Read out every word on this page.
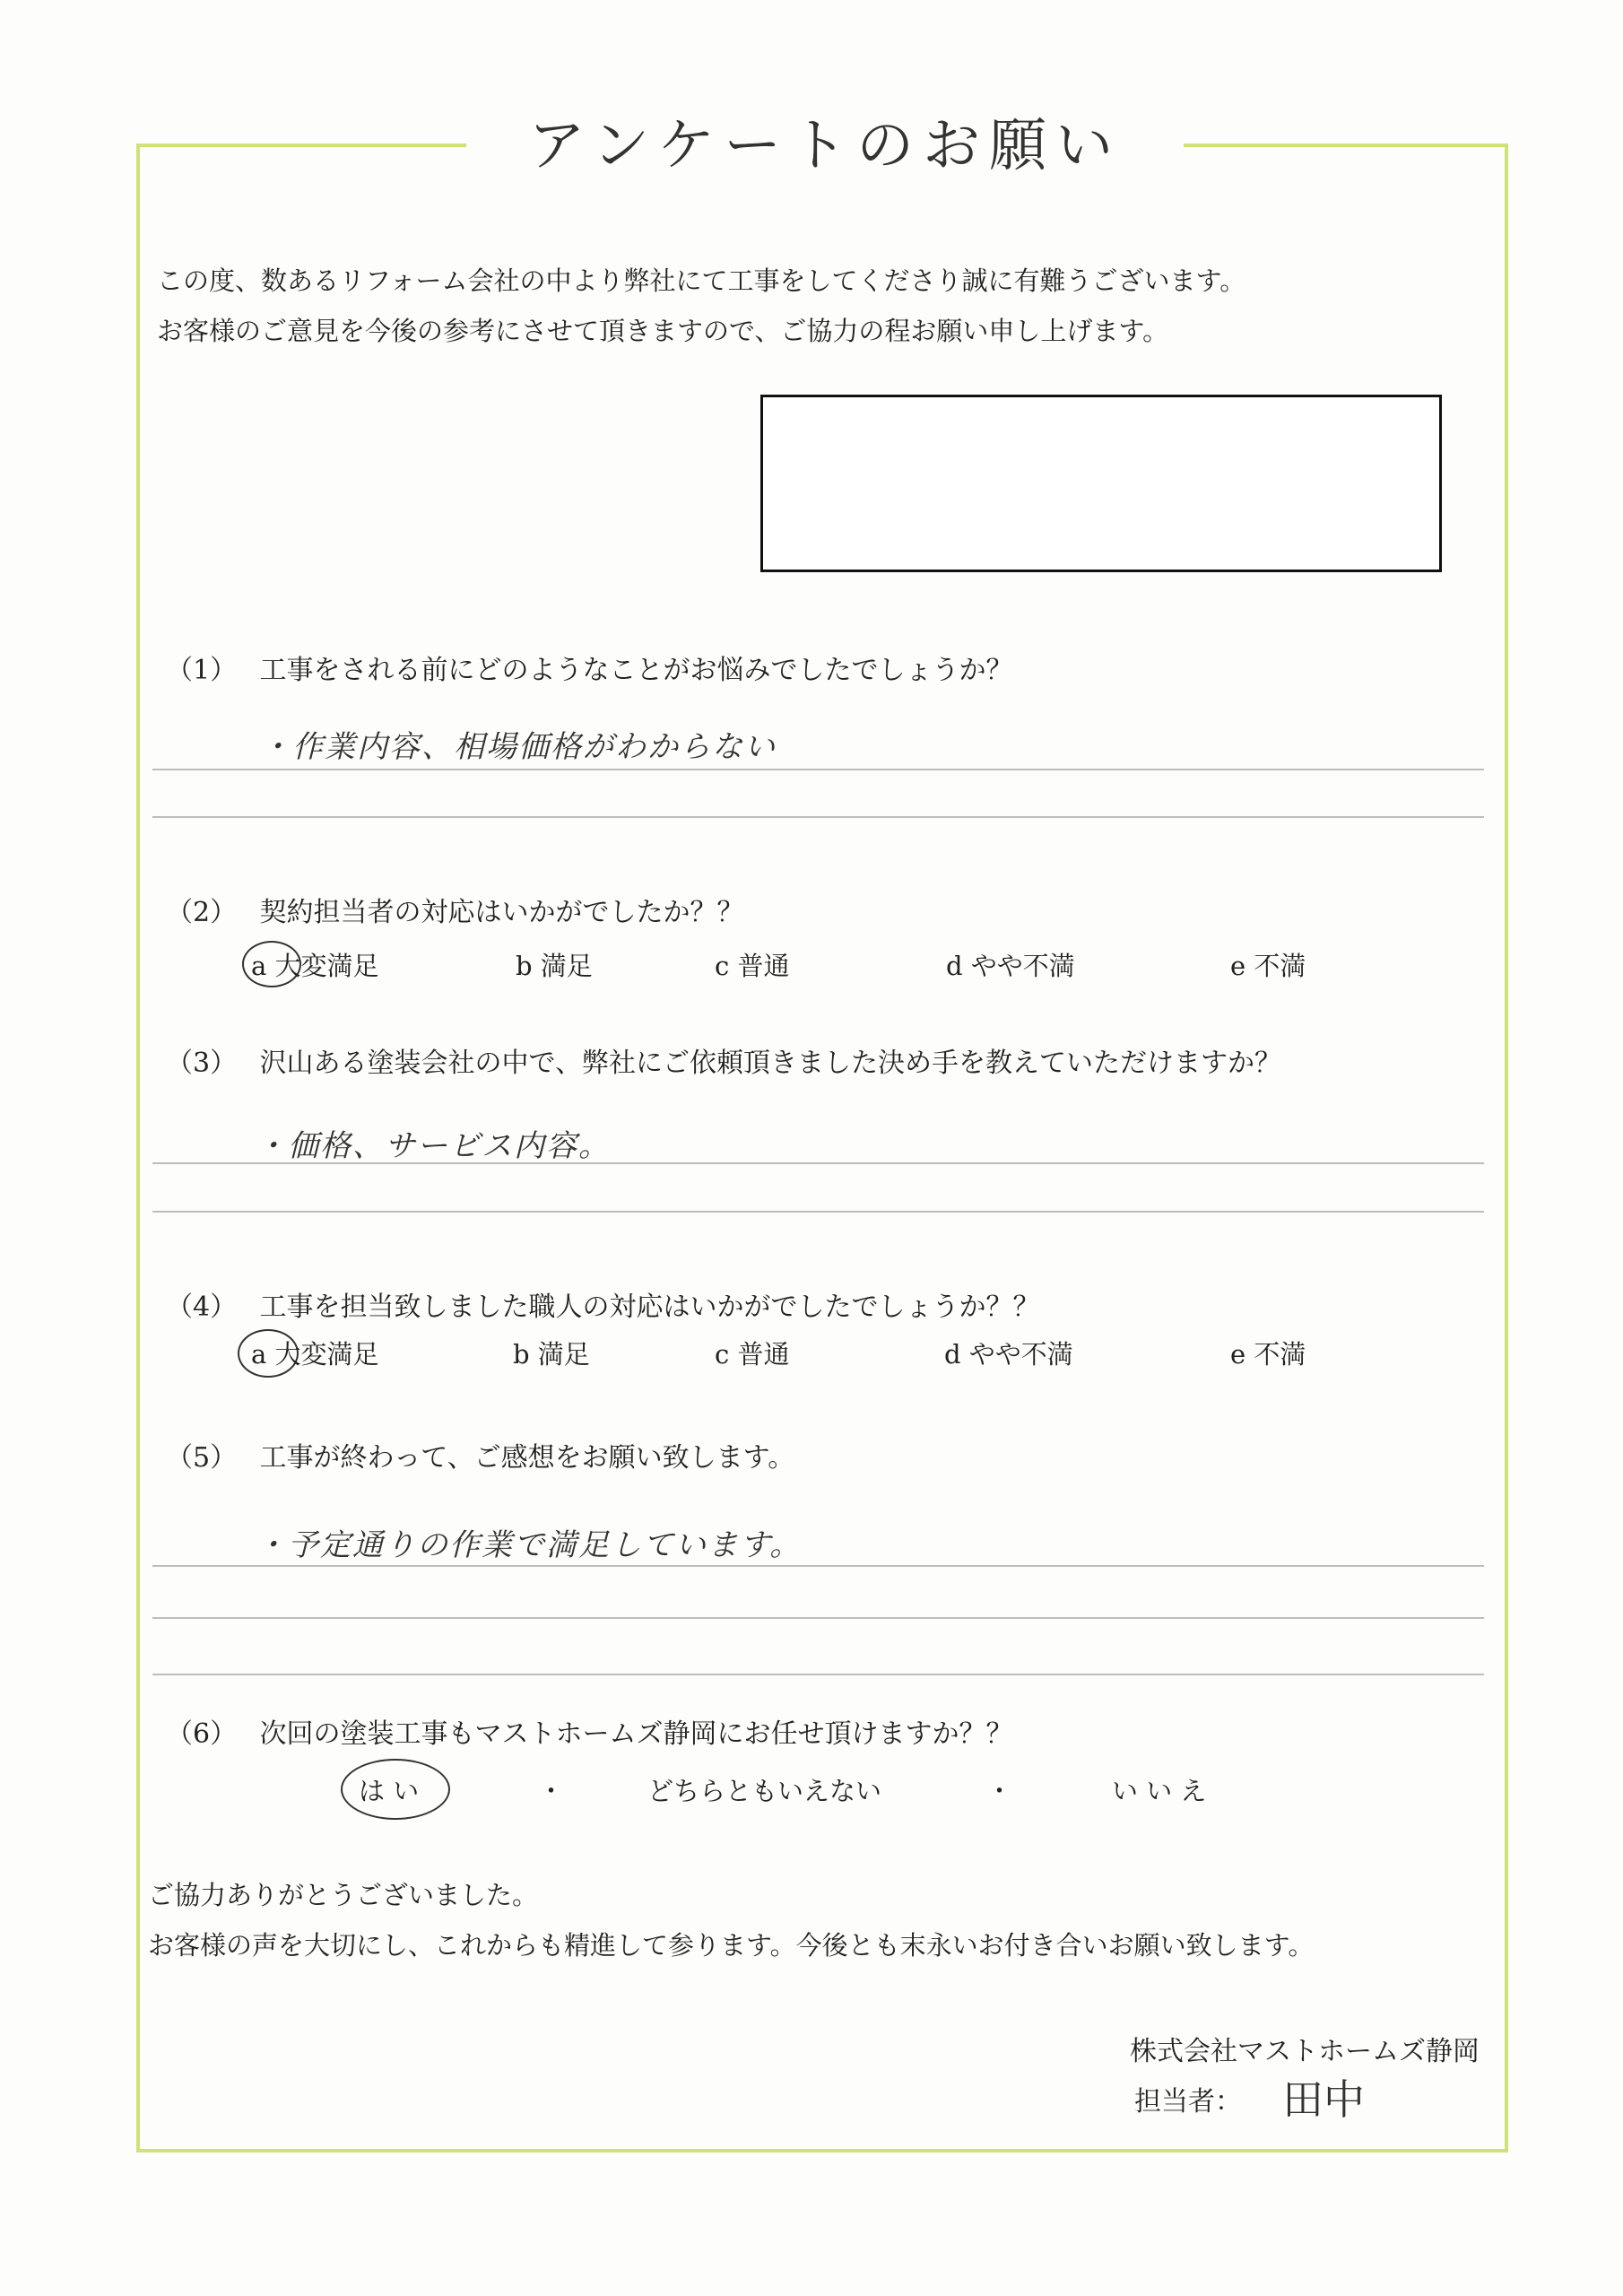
アンケートのお願い
この度、数あるリフォーム会社の中より弊社にて工事をしてくださり誠に有難うございます。
お客様のご意見を今後の参考にさせて頂きますので、ご協力の程お願い申し上げます。
（1） 工事をされる前にどのようなことがお悩みでしたでしょうか？
・作業内容、相場価格がわからない
（2） 契約担当者の対応はいかがでしたか？？
a 大変満足	b 満足	c 普通	d やや不満	e 不満
（3） 沢山ある塗装会社の中で、弊社にご依頼頂きました決め手を教えていただけますか？
・価格、サービス内容。
（4） 工事を担当致しました職人の対応はいかがでしたでしょうか？？
a 大変満足	b 満足	c 普通	d やや不満	e 不満
（5） 工事が終わって、ご感想をお願い致します。
・予定通りの作業で満足しています。
（6） 次回の塗装工事もマストホームズ静岡にお任せ頂けますか？？
は い	・	どちらともいえない	・	い い え
ご協力ありがとうございました。
お客様の声を大切にし、これからも精進して参ります。今後とも末永いお付き合いお願い致します。
株式会社マストホームズ静岡
担当者： 田中
